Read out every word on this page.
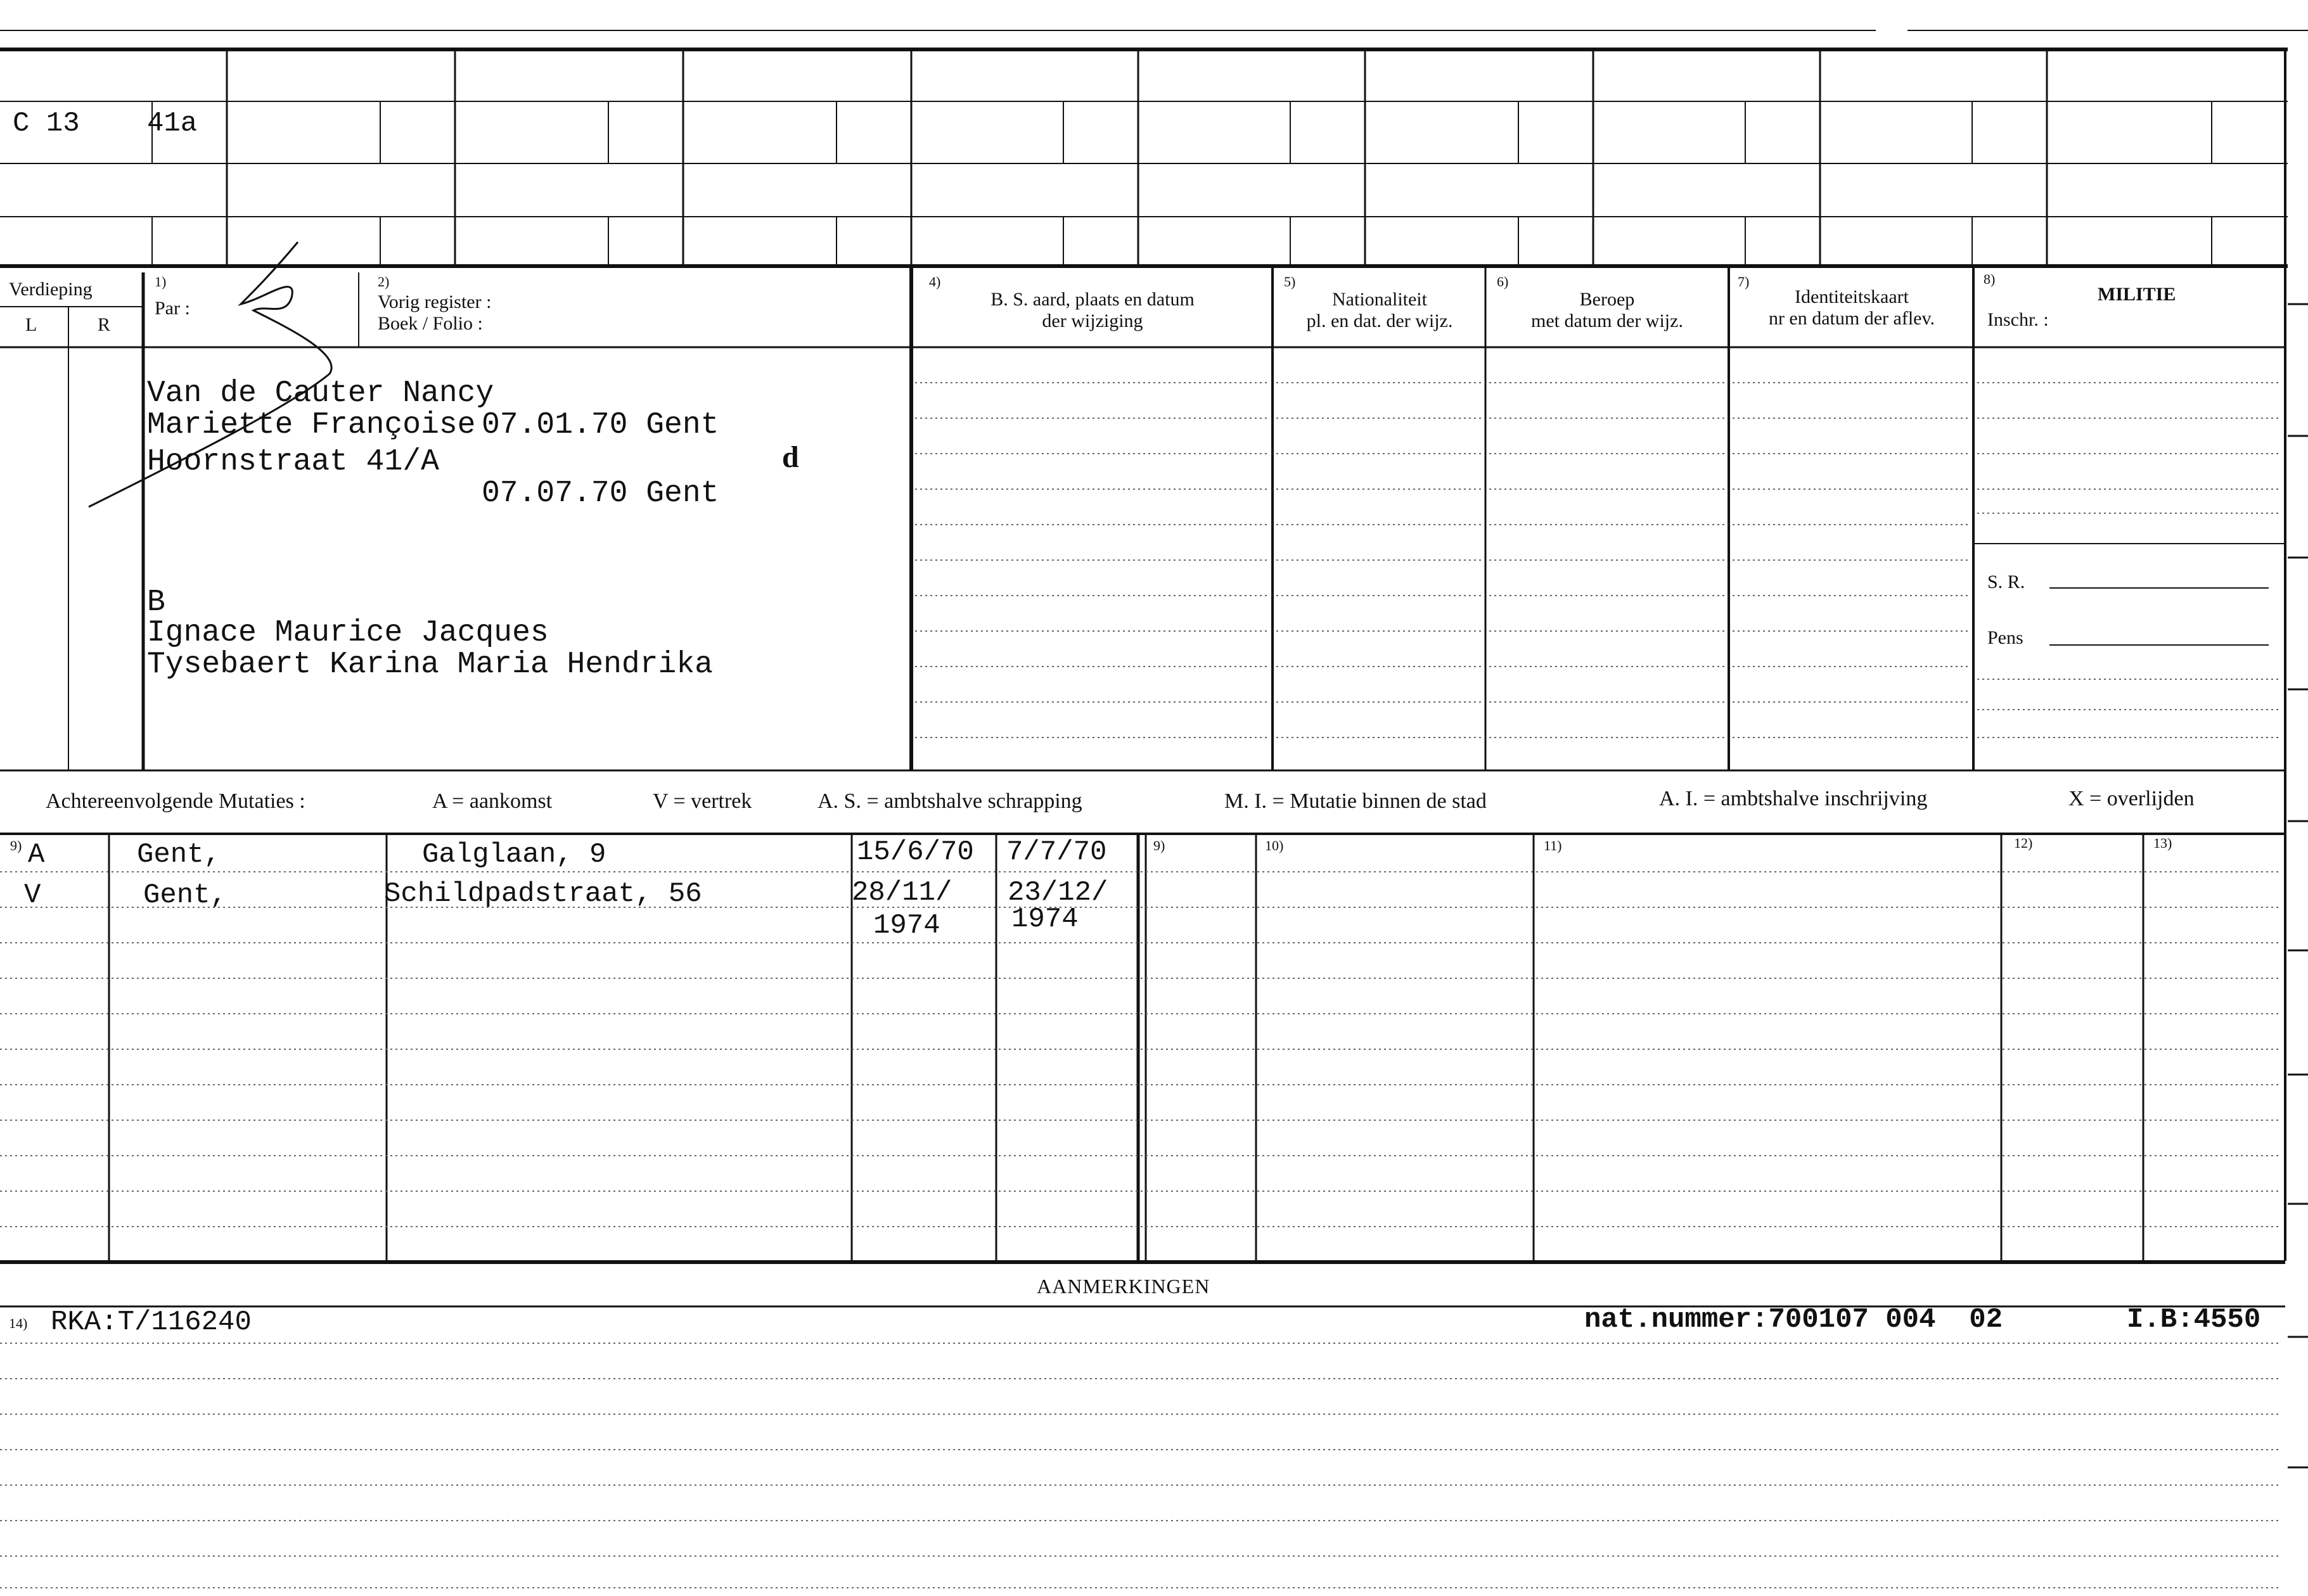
C 13 41a
Verdieping
L	R
1)
Par :
2)
Vorig register :
Boek / Folio :
4)
B. S. aard, plaats en datum
der wijziging
5)
Nationaliteit
pl. en dat. der wijz.
6)
Beroep
met datum der wijz.
7)
Identiteitskaart
nr en datum der aflev.
8)
MILITIE
Inschr. :
S. R.
Pens
Van de Cauter Nancy
Mariette Françoise 07.01.70 Gent
Hoornstraat 41/A
07.07.70 Gent
d
B
Ignace Maurice Jacques
Tysebaert Karina Maria Hendrika
Achtereenvolgende Mutaties :	A = aankomst	V = vertrek	A. S. = ambtshalve schrapping	M. I. = Mutatie binnen de stad	A. I. = ambtshalve inschrijving	X = overlijden
9)	9)	10)	11)	12)	13)
A	Gent,	Galglaan, 9	15/6/70 7/7/70
V	Gent,	Schildpadstraat, 56	28/11/ 23/12/
1974	1974
AANMERKINGEN
14) RKA:T/116240	nat.nummer:700107 004  02	I.B:4550
